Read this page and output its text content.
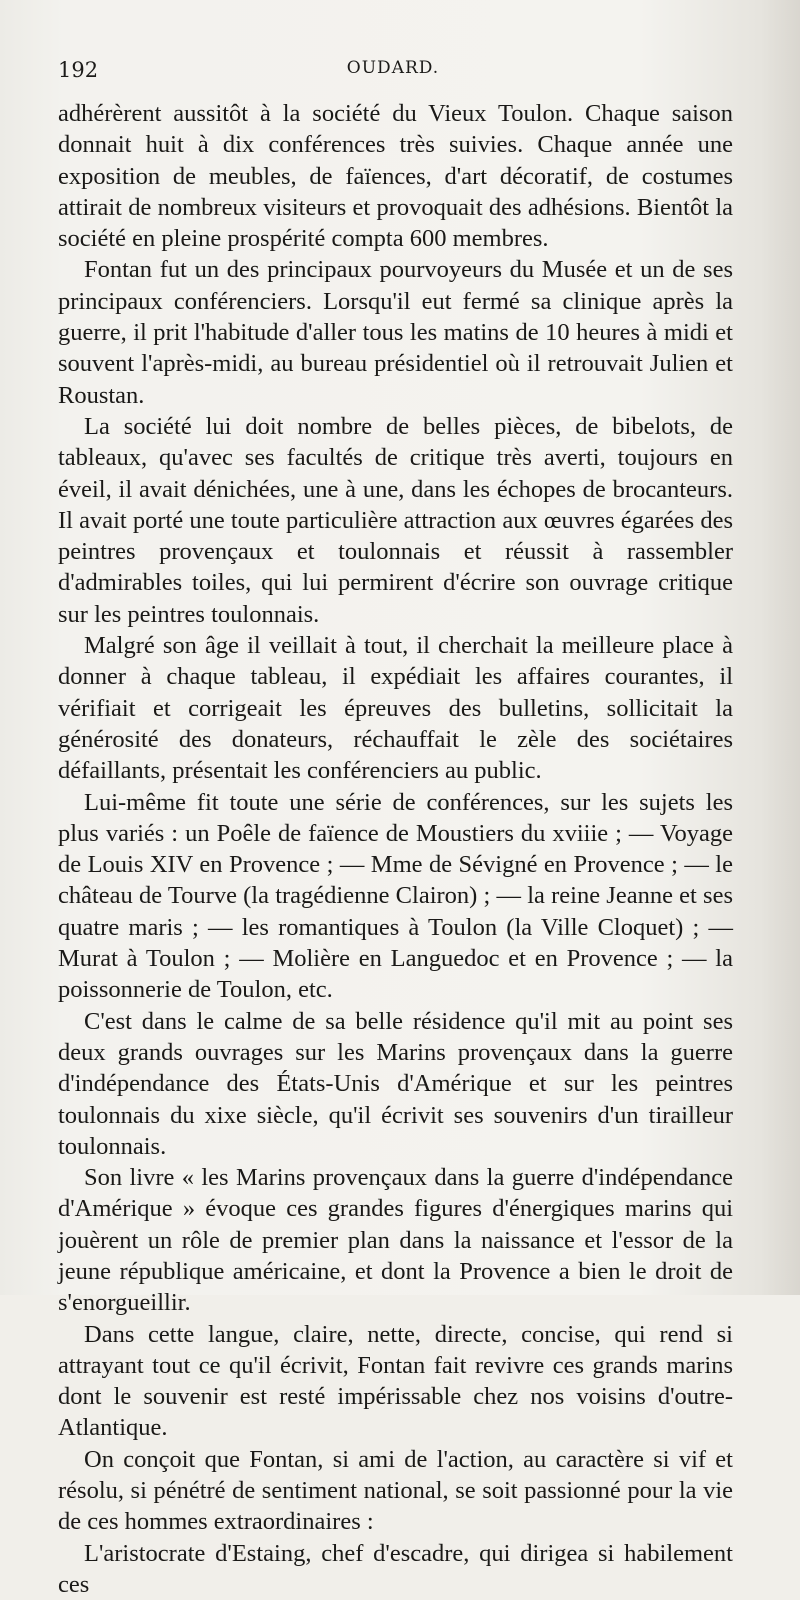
192	OUDARD.

adhérèrent aussitôt à la société du Vieux Toulon. Chaque saison donnait huit à dix conférences très suivies. Chaque année une exposition de meubles, de faïences, d'art décoratif, de costumes attirait de nombreux visiteurs et provoquait des adhésions. Bientôt la société en pleine prospérité compta 600 membres.

Fontan fut un des principaux pourvoyeurs du Musée et un de ses principaux conférenciers. Lorsqu'il eut fermé sa clinique après la guerre, il prit l'habitude d'aller tous les matins de 10 heures à midi et souvent l'après-midi, au bureau présidentiel où il retrouvait Julien et Roustan.

La société lui doit nombre de belles pièces, de bibelots, de tableaux, qu'avec ses facultés de critique très averti, toujours en éveil, il avait dénichées, une à une, dans les échopes de brocanteurs. Il avait porté une toute particulière attraction aux œuvres égarées des peintres provençaux et toulonnais et réussit à rassembler d'admirables toiles, qui lui permirent d'écrire son ouvrage critique sur les peintres toulonnais.

Malgré son âge il veillait à tout, il cherchait la meilleure place à donner à chaque tableau, il expédiait les affaires courantes, il vérifiait et corrigeait les épreuves des bulletins, sollicitait la générosité des donateurs, réchauffait le zèle des sociétaires défaillants, présentait les conférenciers au public.

Lui-même fit toute une série de conférences, sur les sujets les plus variés : un Poêle de faïence de Moustiers du xviiie ; — Voyage de Louis XIV en Provence ; — Mme de Sévigné en Provence ; — le château de Tourve (la tragédienne Clairon) ; — la reine Jeanne et ses quatre maris ; — les romantiques à Toulon (la Ville Cloquet) ; — Murat à Toulon ; — Molière en Languedoc et en Provence ; — la poissonnerie de Toulon, etc.

C'est dans le calme de sa belle résidence qu'il mit au point ses deux grands ouvrages sur les Marins provençaux dans la guerre d'indépendance des États-Unis d'Amérique et sur les peintres toulonnais du xixe siècle, qu'il écrivit ses souvenirs d'un tirailleur toulonnais.

Son livre « les Marins provençaux dans la guerre d'indépendance d'Amérique » évoque ces grandes figures d'énergiques marins qui jouèrent un rôle de premier plan dans la naissance et l'essor de la jeune république américaine, et dont la Provence a bien le droit de s'enorgueillir.

Dans cette langue, claire, nette, directe, concise, qui rend si attrayant tout ce qu'il écrivit, Fontan fait revivre ces grands marins dont le souvenir est resté impérissable chez nos voisins d'outre-Atlantique.

On conçoit que Fontan, si ami de l'action, au caractère si vif et résolu, si pénétré de sentiment national, se soit passionné pour la vie de ces hommes extraordinaires :

L'aristocrate d'Estaing, chef d'escadre, qui dirigea si habilement ces
